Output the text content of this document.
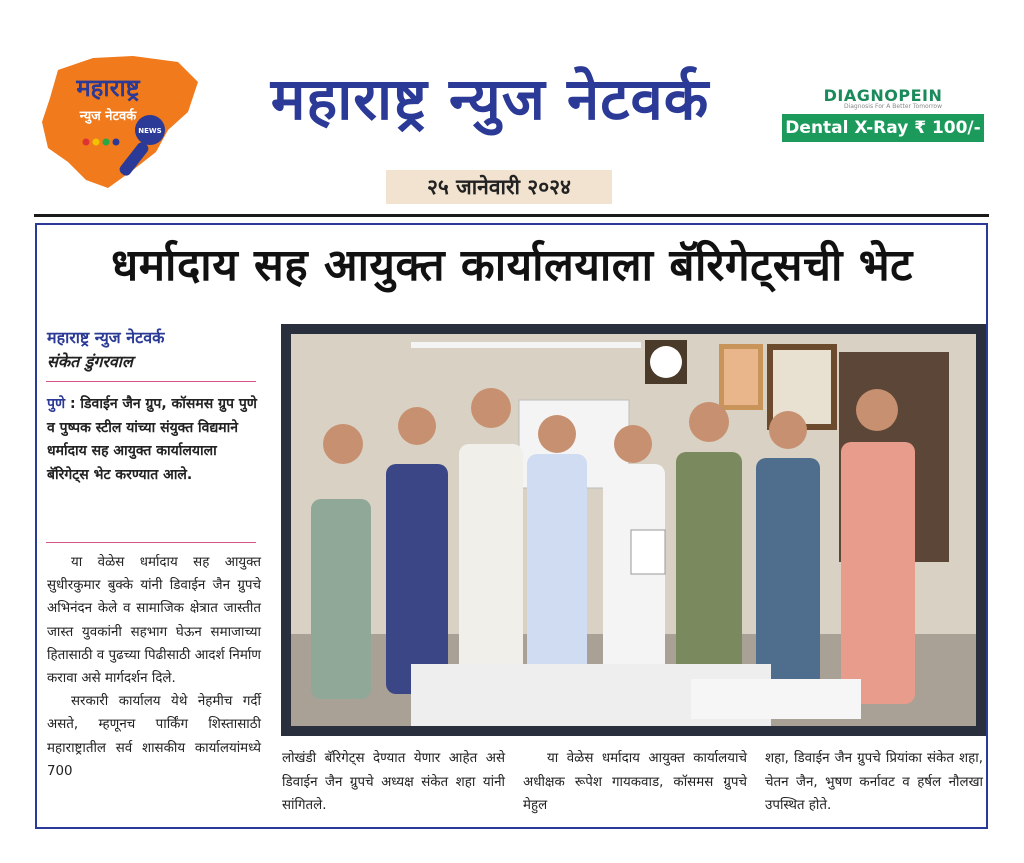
महाराष्ट्र
न्युज नेटवर्क
NEWS	महाराष्ट्र न्युज नेटवर्क
२५ जानेवारी २०२४
DIAGNOPEIN
Diagnosis For A Better Tomorrow
Dental X-Ray ₹ 100/-
धर्मादाय सह आयुक्त कार्यालयाला बॅरिगेट्सची भेट
महाराष्ट्र न्युज नेटवर्क
संकेत डुंगरवाल
पुणे : डिवाईन जैन ग्रुप, कॉसमस ग्रुप पुणे व पुष्पक स्टील यांच्या संयुक्त विद्यमाने धर्मादाय सह आयुक्त कार्यालयाला बॅरिगेट्स भेट करण्यात आले.

या वेळेस धर्मादाय सह आयुक्त सुधीरकुमार बुक्के यांनी डिवाईन जैन ग्रुपचे अभिनंदन केले व सामाजिक क्षेत्रात जास्तीत जास्त युवकांनी सहभाग घेऊन समाजाच्या हितासाठी व पुढच्या पिढीसाठी आदर्श निर्माण करावा असे मार्गदर्शन दिले.

सरकारी कार्यालय येथे नेहमीच गर्दी असते, म्हणूनच पार्किंग शिस्तासाठी महाराष्ट्रातील सर्व शासकीय कार्यालयांमध्ये 700

लोखंडी बॅरिगेट्स देण्यात येणार आहेत असे डिवाईन जैन ग्रुपचे अध्यक्ष संकेत शहा यांनी सांगितले.

या वेळेस धर्मादाय आयुक्त कार्यालयाचे अधीक्षक रूपेश गायकवाड, कॉसमस ग्रुपचे मेहुल

शहा, डिवाईन जैन ग्रुपचे प्रियांका संकेत शहा, चेतन जैन, भुषण कर्नावट व हर्षल नौलखा उपस्थित होते.
